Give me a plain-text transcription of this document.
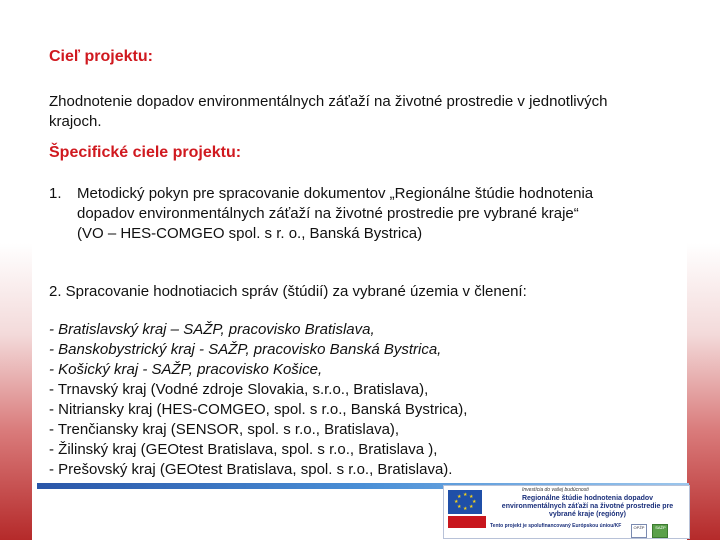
Cieľ projektu:
Zhodnotenie dopadov environmentálnych záťaží na životné prostredie v jednotlivých krajoch.
Špecifické ciele projektu:
1. Metodický pokyn pre spracovanie dokumentov „Regionálne štúdie hodnotenia dopadov environmentálnych záťaží na životné prostredie pre vybrané kraje“
(VO – HES-COMGEO spol. s r. o., Banská Bystrica)
2. Spracovanie hodnotiacich správ (štúdií) za vybrané územia v členení:
- Bratislavský kraj – SAŽP, pracovisko Bratislava,
- Banskobystrický kraj - SAŽP, pracovisko Banská Bystrica,
- Košický kraj - SAŽP, pracovisko Košice,
- Trnavský kraj (Vodné zdroje Slovakia, s.r.o., Bratislava),
- Nitriansky kraj (HES-COMGEO, spol. s r.o., Banská Bystrica),
- Trenčiansky kraj (SENSOR, spol. s r.o., Bratislava),
- Žilinský kraj (GEOtest Bratislava, spol. s r.o., Bratislava ),
- Prešovský kraj (GEOtest Bratislava, spol. s r.o., Bratislava).
★ ★
★
★
★
★
★
★
Investícia do vašej budúcnosti
Regionálne štúdie hodnotenia dopadov environmentálnych záťaží na životné prostredie pre vybrané kraje (regióny)
Tento projekt je spolufinancovaný Európskou úniou/KF	OPŽP	SAŽP
